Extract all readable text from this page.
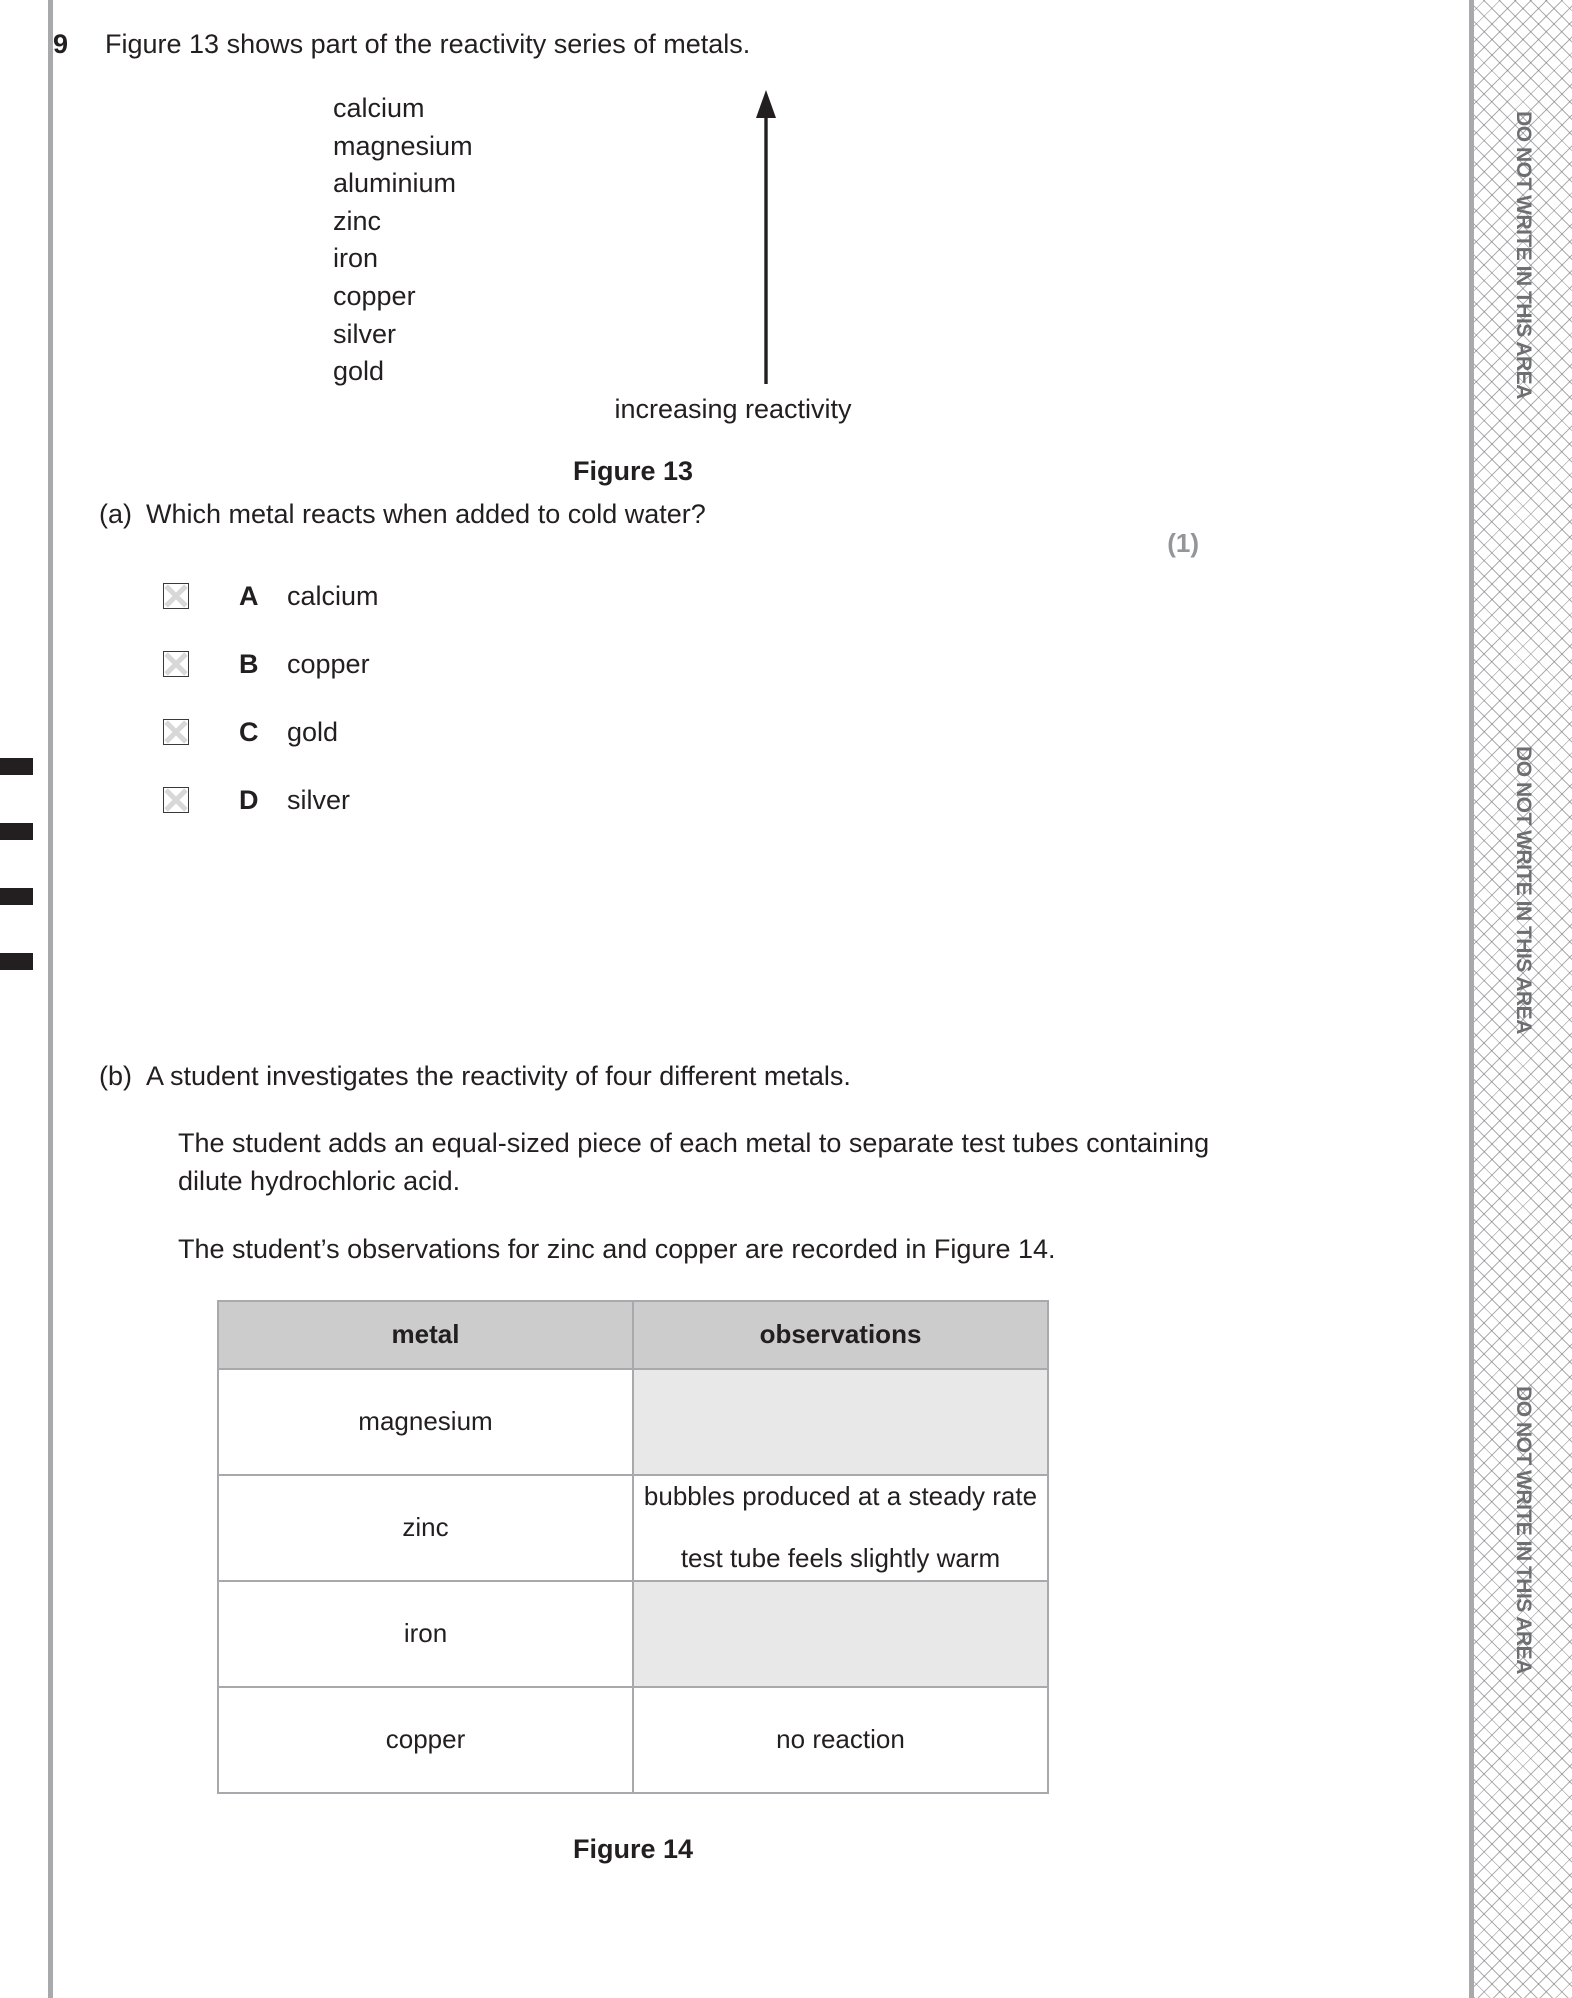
DO NOT WRITE IN THIS AREA
DO NOT WRITE IN THIS AREA
DO NOT WRITE IN THIS AREA
9	Figure 13 shows part of the reactivity series of metals.
calcium
magnesium
aluminium
zinc
iron
copper
silver
gold
increasing reactivity
Figure 13
(a) Which metal reacts when added to cold water?
(1)
A	calcium
B	copper
C	gold
D	silver
(b) A student investigates the reactivity of four different metals.
The student adds an equal-sized piece of each metal to separate test tubes containing dilute hydrochloric acid.
The student’s observations for zinc and copper are recorded in Figure 14.
metal	observations
magnesium	
zinc	bubbles produced at a steady rate
test tube feels slightly warm

iron	
copper	no reaction
Figure 14
